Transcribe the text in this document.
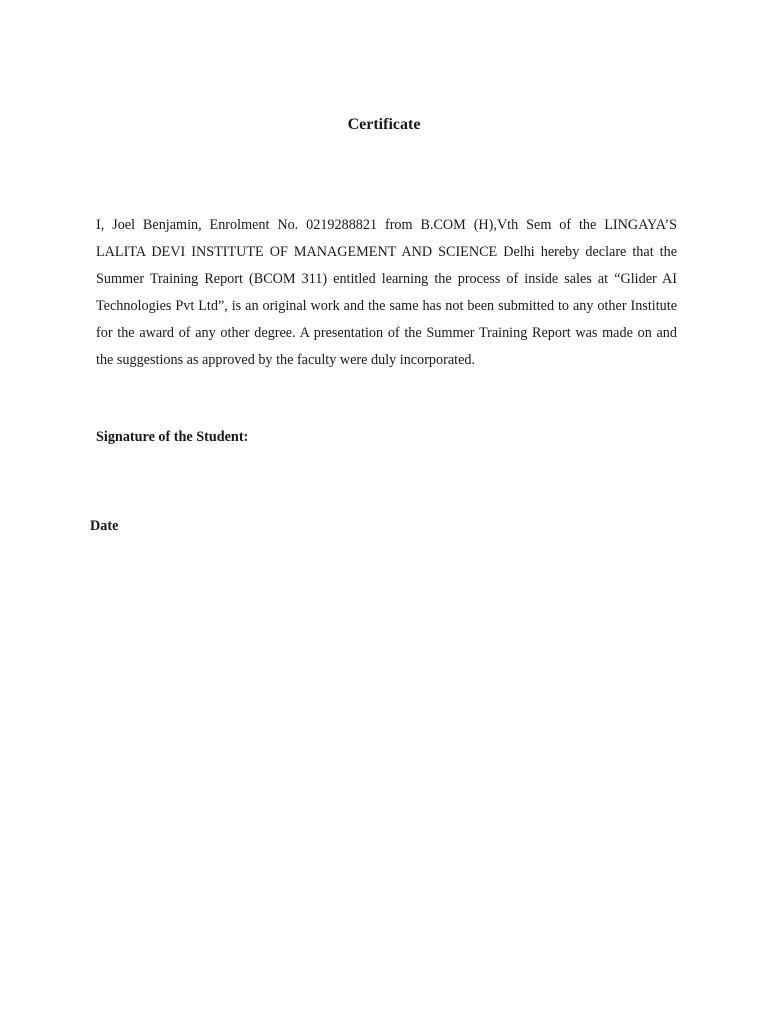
Certificate

I, Joel Benjamin, Enrolment No. 0219288821 from B.COM (H),Vth Sem of the LINGAYA’S LALITA DEVI INSTITUTE OF MANAGEMENT AND SCIENCE Delhi hereby declare that the Summer Training Report (BCOM 311) entitled learning the process of inside sales at “Glider AI Technologies Pvt Ltd”, is an original work and the same has not been submitted to any other Institute for the award of any other degree. A presentation of the Summer Training Report was made on and the suggestions as approved by the faculty were duly incorporated.

Signature of the Student:

Date
